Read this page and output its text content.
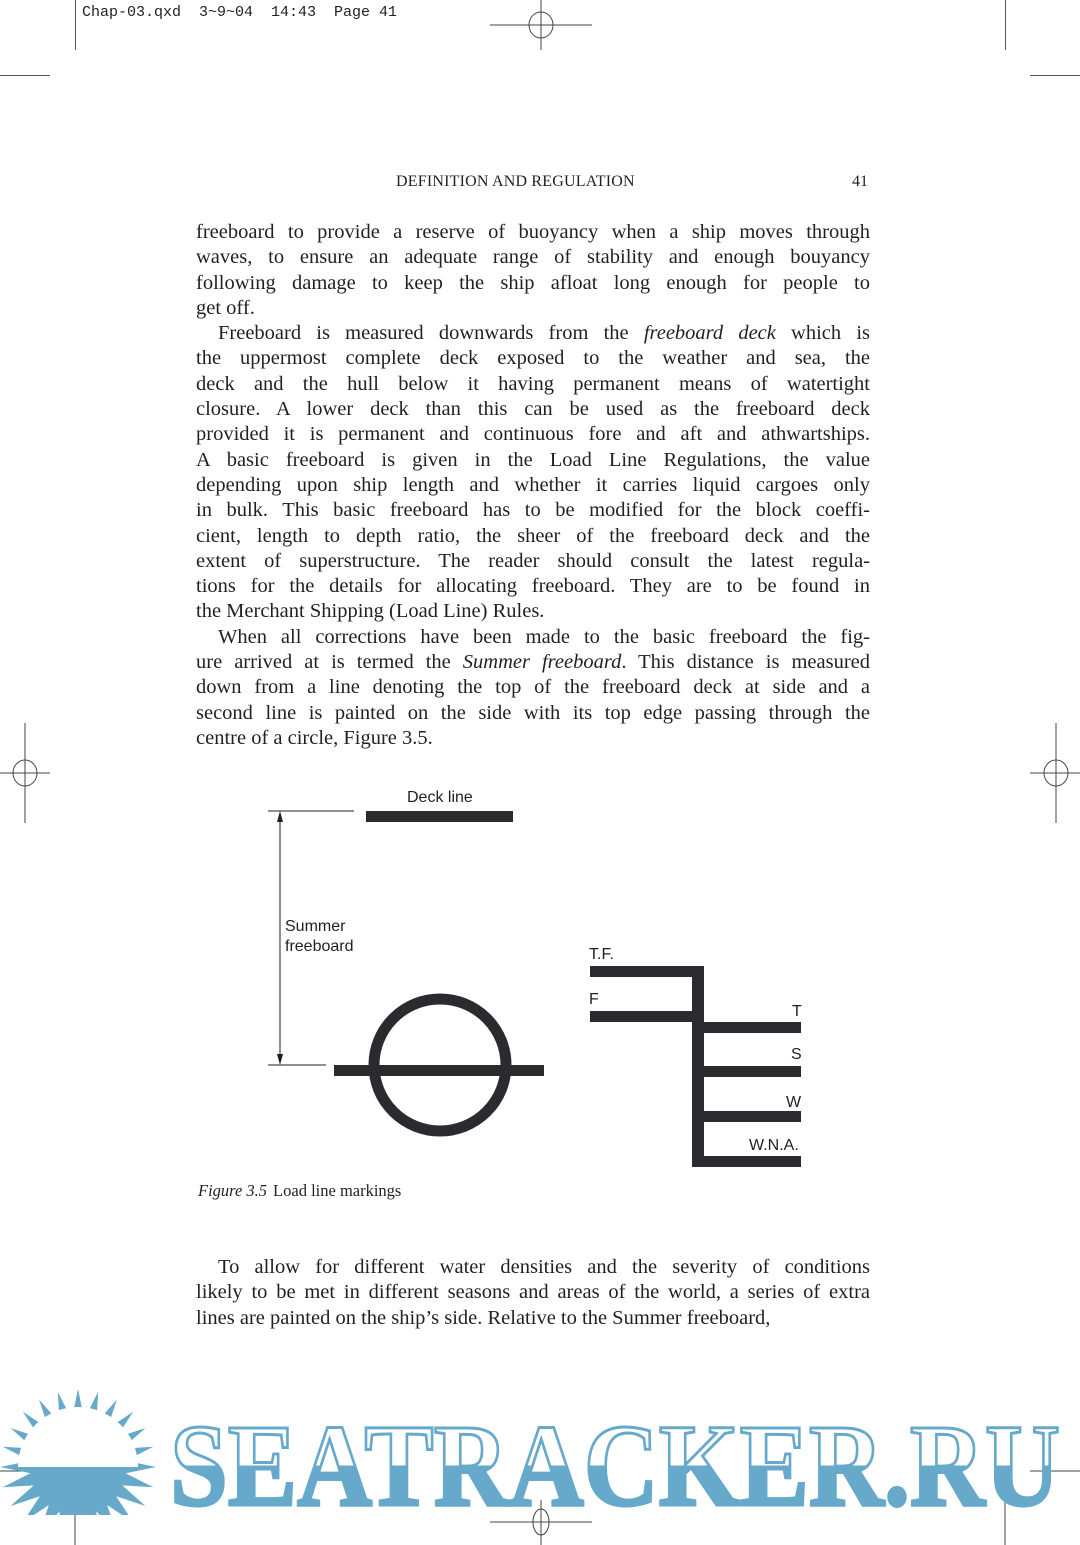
Chap-03.qxd  3~9~04  14:43  Page 41
DEFINITION AND REGULATION	41
freeboard to provide a reserve of buoyancy when a ship moves through
waves, to ensure an adequate range of stability and enough bouyancy
following damage to keep the ship afloat long enough for people to
get off.
Freeboard is measured downwards from the freeboard deck which is
the uppermost complete deck exposed to the weather and sea, the
deck and the hull below it having permanent means of watertight
closure. A lower deck than this can be used as the freeboard deck
provided it is permanent and continuous fore and aft and athwartships.
A basic freeboard is given in the Load Line Regulations, the value
depending upon ship length and whether it carries liquid cargoes only
in bulk. This basic freeboard has to be modified for the block coeffi-
cient, length to depth ratio, the sheer of the freeboard deck and the
extent of superstructure. The reader should consult the latest regula-
tions for the details for allocating freeboard. They are to be found in
the Merchant Shipping (Load Line) Rules.
When all corrections have been made to the basic freeboard the fig-
ure arrived at is termed the Summer freeboard. This distance is measured
down from a line denoting the top of the freeboard deck at side and a
second line is painted on the side with its top edge passing through the
centre of a circle, Figure 3.5.
Deck line
Summer
freeboard	T.F.
F
T
S
W
W.N.A.
Figure 3.5 Load line markings
To allow for different water densities and the severity of conditions
likely to be met in different seasons and areas of the world, a series of extra
lines are painted on the ship’s side. Relative to the Summer freeboard,
SEATRACKER.RU
